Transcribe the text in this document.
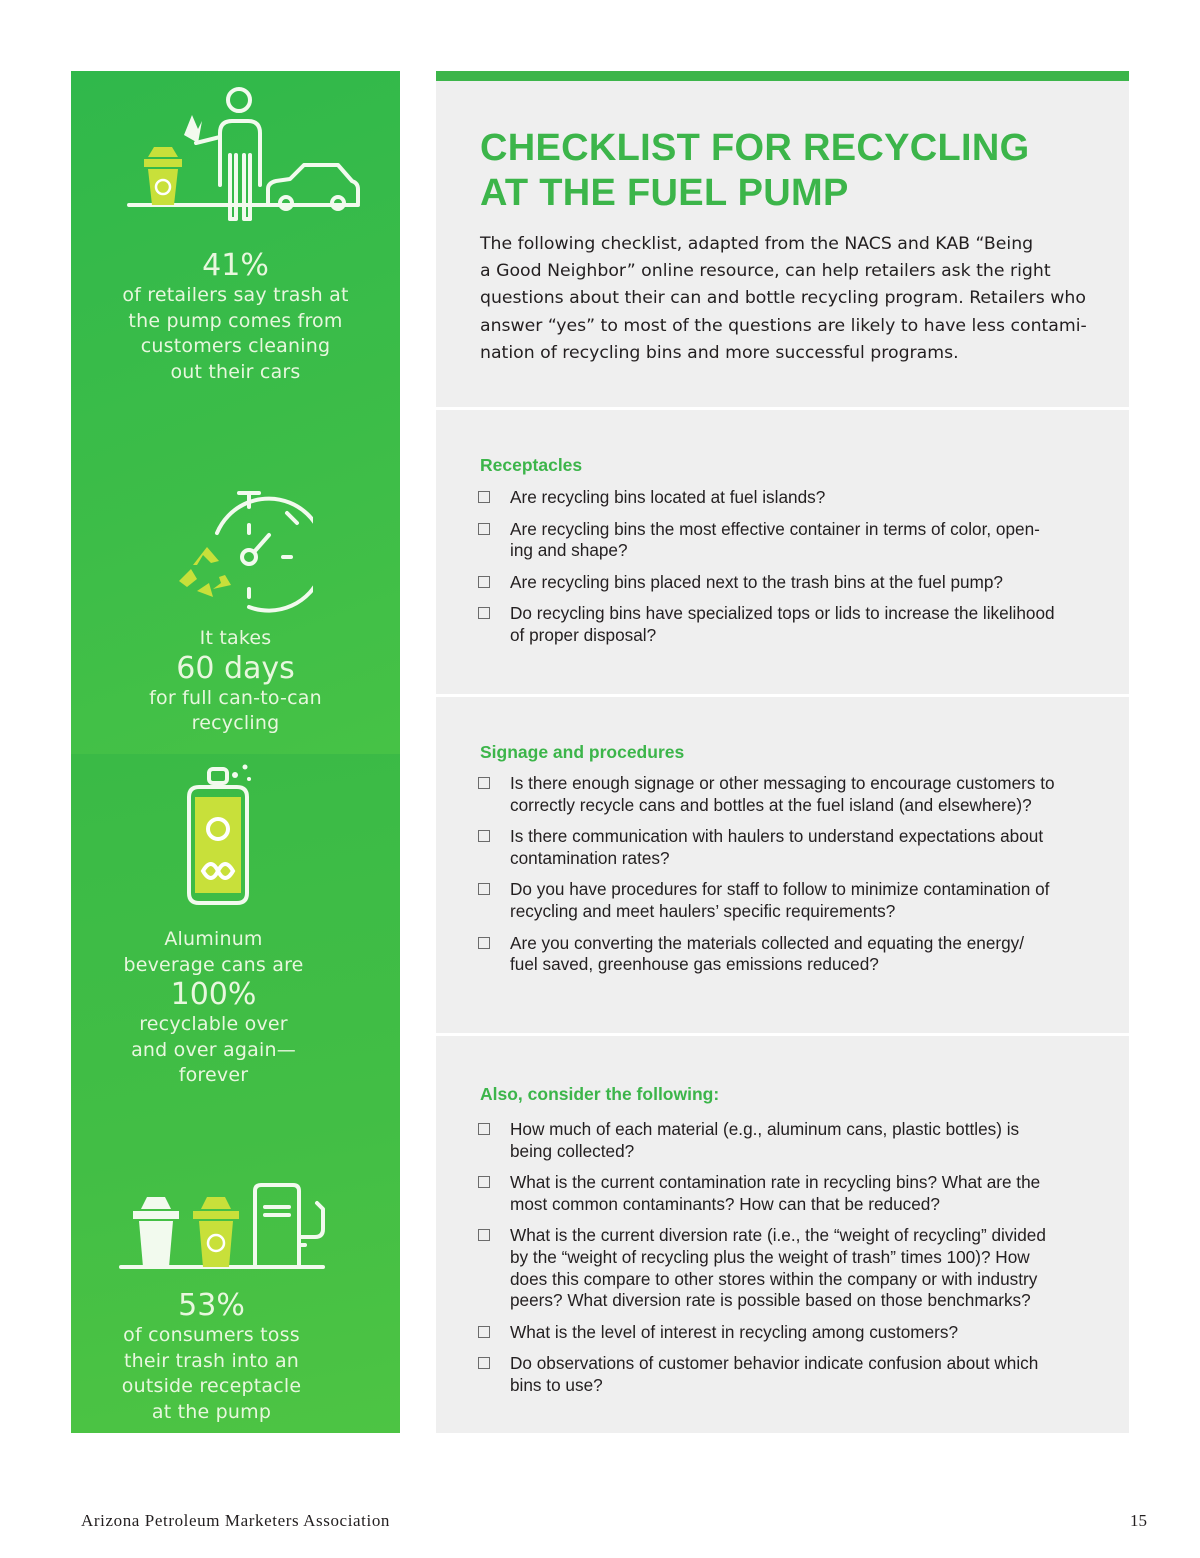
41%
of retailers say trash at
the pump comes from
customers cleaning
out their cars
It takes
60 days
for full can-to-can
recycling
Aluminum
beverage cans are
100%
recyclable over
and over again—
forever
53%
of consumers toss
their trash into an
outside receptacle
at the pump
CHECKLIST FOR RECYCLING
AT THE FUEL PUMP
The following checklist, adapted from the NACS and KAB “Being
a Good Neighbor” online resource, can help retailers ask the right
questions about their can and bottle recycling program. Retailers who
answer “yes” to most of the questions are likely to have less contami-
nation of recycling bins and more successful programs.
Receptacles
Are recycling bins located at fuel islands?
Are recycling bins the most effective container in terms of color, open-
ing and shape?
Are recycling bins placed next to the trash bins at the fuel pump?
Do recycling bins have specialized tops or lids to increase the likelihood
of proper disposal?
Signage and procedures
Is there enough signage or other messaging to encourage customers to
correctly recycle cans and bottles at the fuel island (and elsewhere)?
Is there communication with haulers to understand expectations about
contamination rates?
Do you have procedures for staff to follow to minimize contamination of
recycling and meet haulers’ specific requirements?
Are you converting the materials collected and equating the energy/
fuel saved, greenhouse gas emissions reduced?
Also, consider the following:
How much of each material (e.g., aluminum cans, plastic bottles) is
being collected?
What is the current contamination rate in recycling bins? What are the
most common contaminants? How can that be reduced?
What is the current diversion rate (i.e., the “weight of recycling” divided
by the “weight of recycling plus the weight of trash” times 100)? How
does this compare to other stores within the company or with industry
peers? What diversion rate is possible based on those benchmarks?
What is the level of interest in recycling among customers?
Do observations of customer behavior indicate confusion about which
bins to use?
Arizona Petroleum Marketers Association	15
